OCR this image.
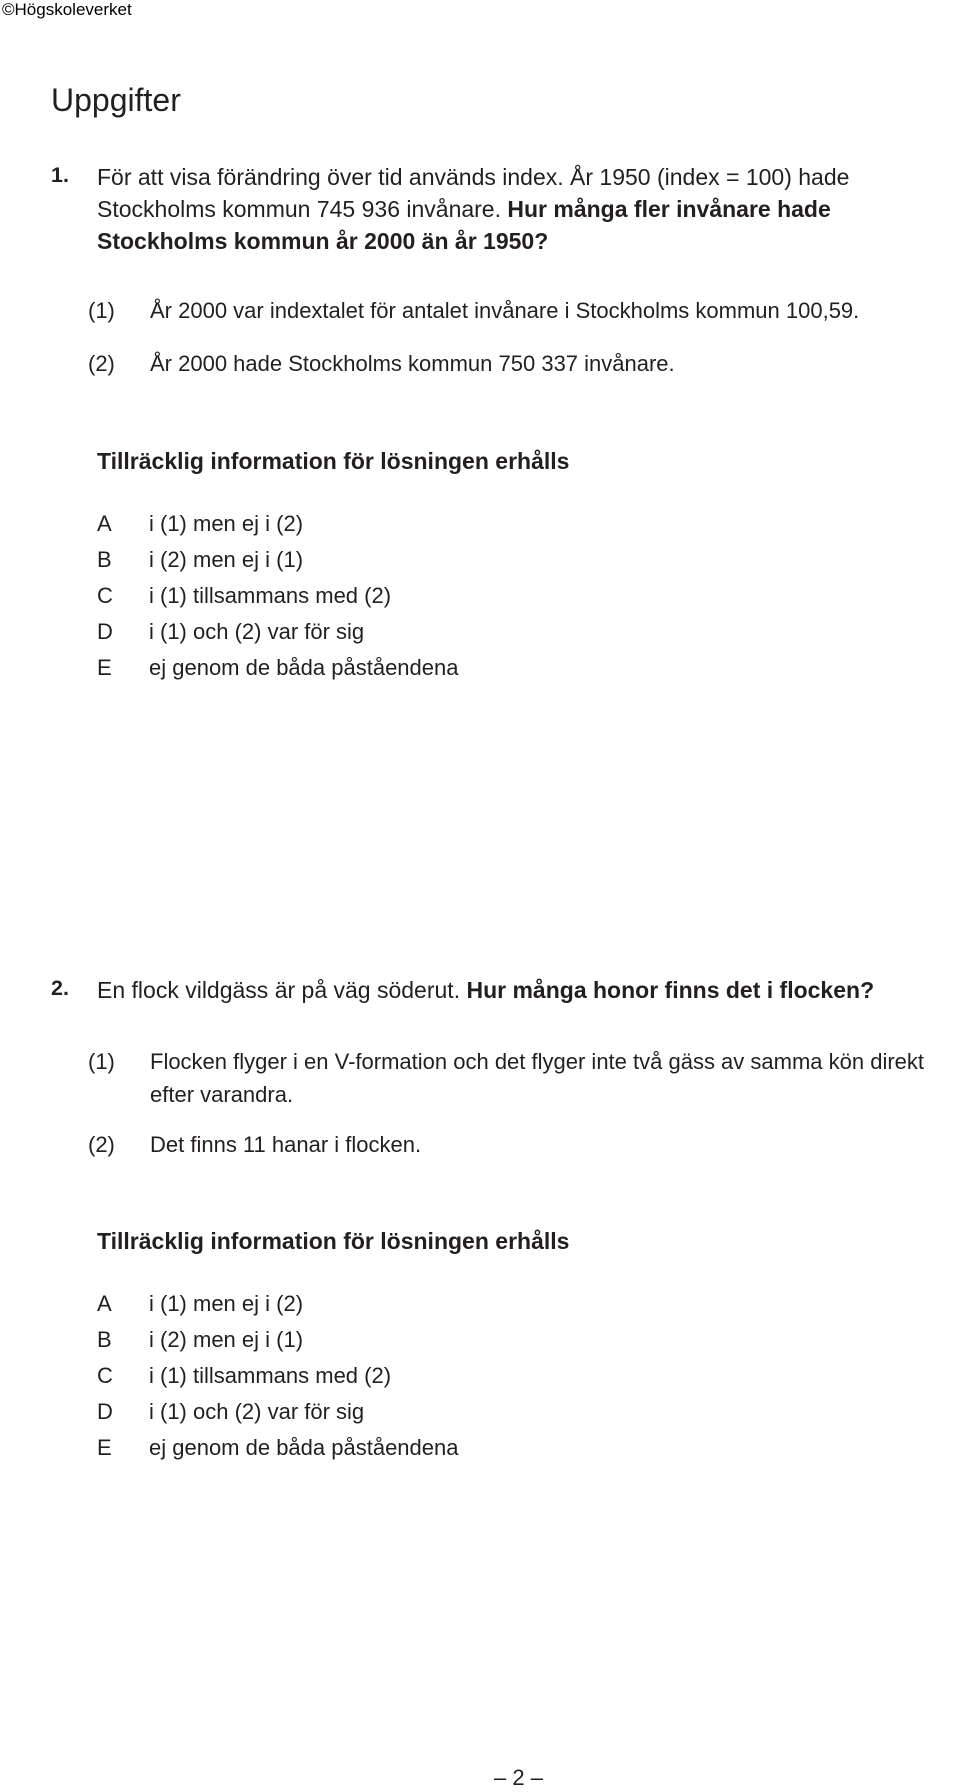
©Högskoleverket
Uppgifter
1. För att visa förändring över tid används index. År 1950 (index = 100) hade Stockholms kommun 745 936 invånare. Hur många fler invånare hade Stockholms kommun år 2000 än år 1950?
(1) År 2000 var indextalet för antalet invånare i Stockholms kommun 100,59.
(2) År 2000 hade Stockholms kommun 750 337 invånare.
Tillräcklig information för lösningen erhålls
A i (1) men ej i (2)
B i (2) men ej i (1)
C i (1) tillsammans med (2)
D i (1) och (2) var för sig
E ej genom de båda påståendena
2. En flock vildgäss är på väg söderut. Hur många honor finns det i flocken?
(1) Flocken flyger i en V-formation och det flyger inte två gäss av samma kön direkt efter varandra.
(2) Det finns 11 hanar i flocken.
Tillräcklig information för lösningen erhålls
A i (1) men ej i (2)
B i (2) men ej i (1)
C i (1) tillsammans med (2)
D i (1) och (2) var för sig
E ej genom de båda påståendena
– 2 –
